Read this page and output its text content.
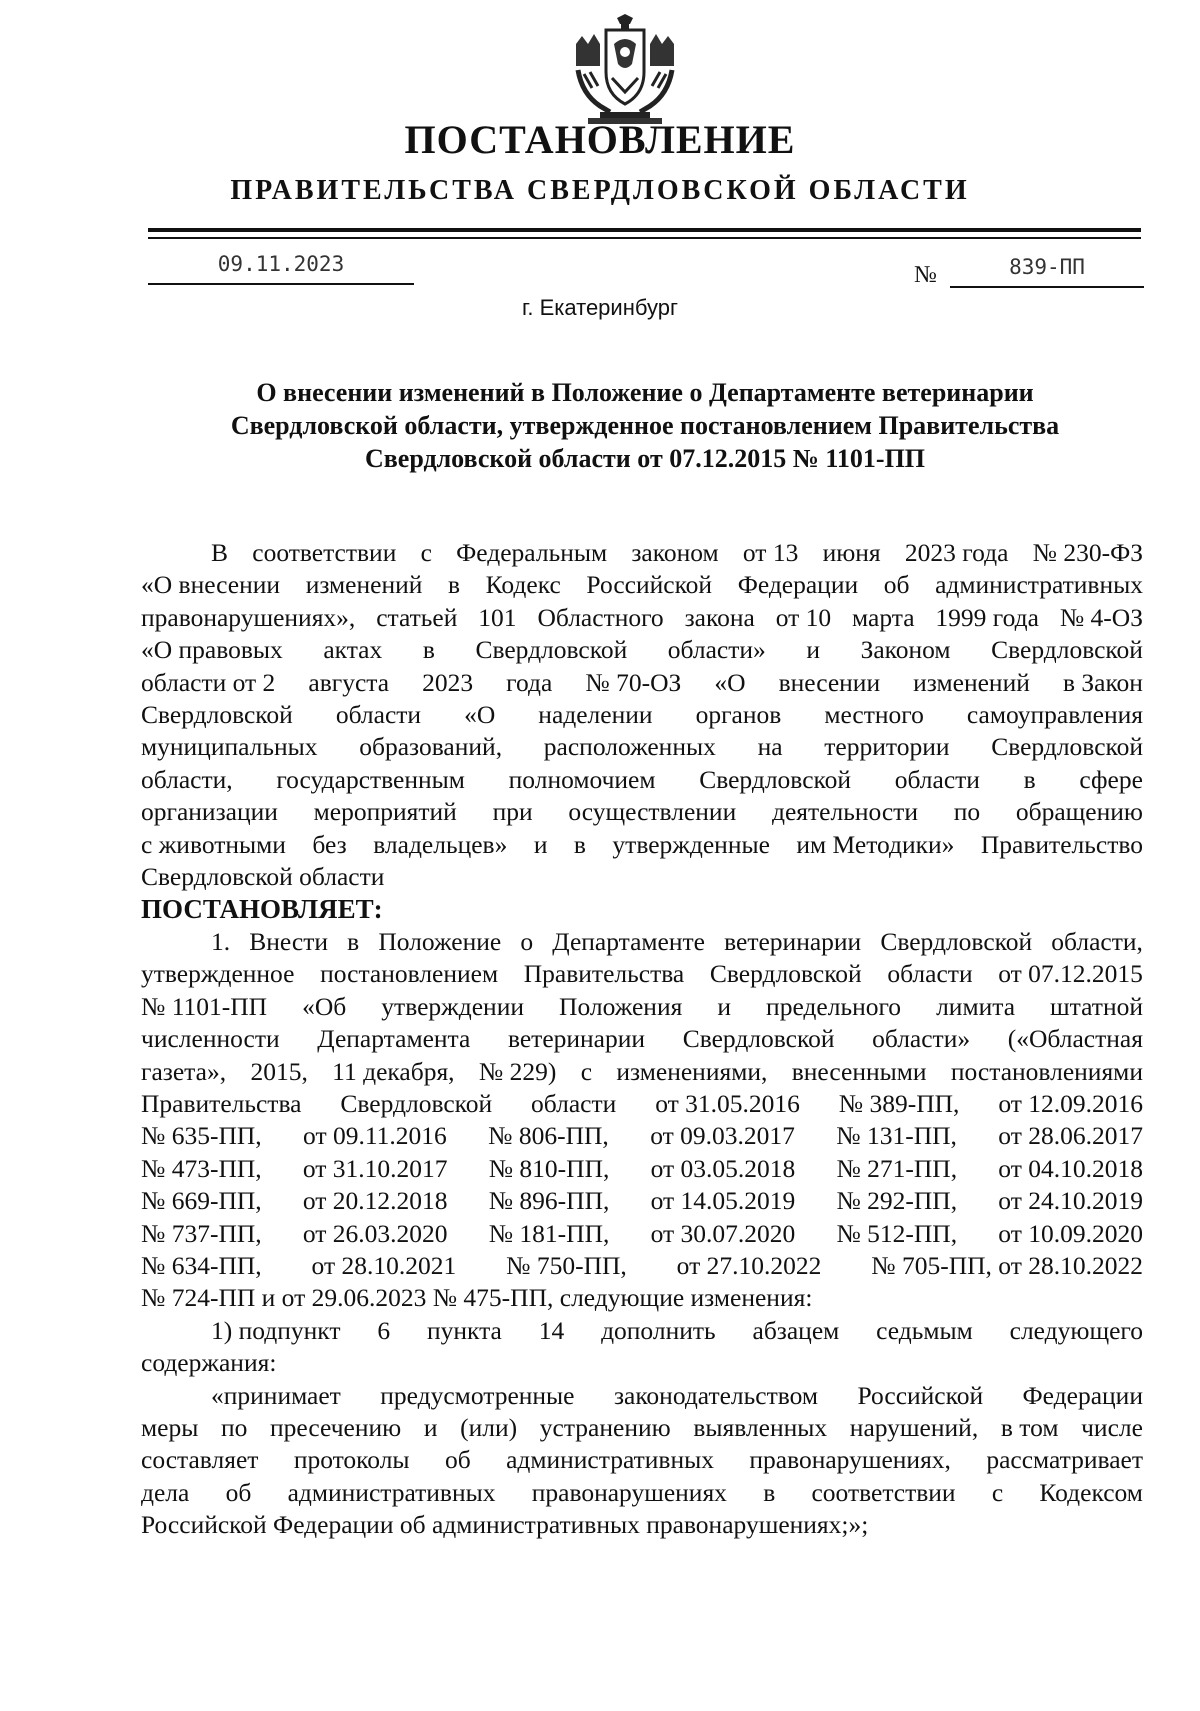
ПОСТАНОВЛЕНИЕ
ПРАВИТЕЛЬСТВА СВЕРДЛОВСКОЙ ОБЛАСТИ
09.11.2023	№	839-ПП
г. Екатеринбург
О внесении изменений в Положение о Департаменте ветеринарии
Свердловской области, утвержденное постановлением Правительства
Свердловской области от 07.12.2015 № 1101-ПП
В соответствии с Федеральным законом от 13 июня 2023 года № 230-ФЗ
«О внесении изменений в Кодекс Российской Федерации об административных
правонарушениях», статьей 101 Областного закона от 10 марта 1999 года № 4-ОЗ
«О правовых актах в Свердловской области» и Законом Свердловской
области от 2 августа 2023 года № 70-ОЗ «О внесении изменений в Закон
Свердловской области «О наделении органов местного самоуправления
муниципальных образований, расположенных на территории Свердловской
области, государственным полномочием Свердловской области в сфере
организации мероприятий при осуществлении деятельности по обращению
с животными без владельцев» и в утвержденные им Методики» Правительство
Свердловской области
ПОСТАНОВЛЯЕТ:
1. Внести в Положение о Департаменте ветеринарии Свердловской области,
утвержденное постановлением Правительства Свердловской области от 07.12.2015
№ 1101-ПП «Об утверждении Положения и предельного лимита штатной
численности Департамента ветеринарии Свердловской области» («Областная
газета», 2015, 11 декабря, № 229) с изменениями, внесенными постановлениями
Правительства Свердловской области от 31.05.2016 № 389-ПП, от 12.09.2016
№ 635-ПП, от 09.11.2016 № 806-ПП, от 09.03.2017 № 131-ПП, от 28.06.2017
№ 473-ПП, от 31.10.2017 № 810-ПП, от 03.05.2018 № 271-ПП, от 04.10.2018
№ 669-ПП, от 20.12.2018 № 896-ПП, от 14.05.2019 № 292-ПП, от 24.10.2019
№ 737-ПП, от 26.03.2020 № 181-ПП, от 30.07.2020 № 512-ПП, от 10.09.2020
№ 634-ПП, от 28.10.2021 № 750-ПП, от 27.10.2022 № 705-ПП, от 28.10.2022
№ 724-ПП и от 29.06.2023 № 475-ПП, следующие изменения:
1) подпункт 6 пункта 14 дополнить абзацем седьмым следующего
содержания:
«принимает предусмотренные законодательством Российской Федерации
меры по пресечению и (или) устранению выявленных нарушений, в том числе
составляет протоколы об административных правонарушениях, рассматривает
дела об административных правонарушениях в соответствии с Кодексом
Российской Федерации об административных правонарушениях;»;
